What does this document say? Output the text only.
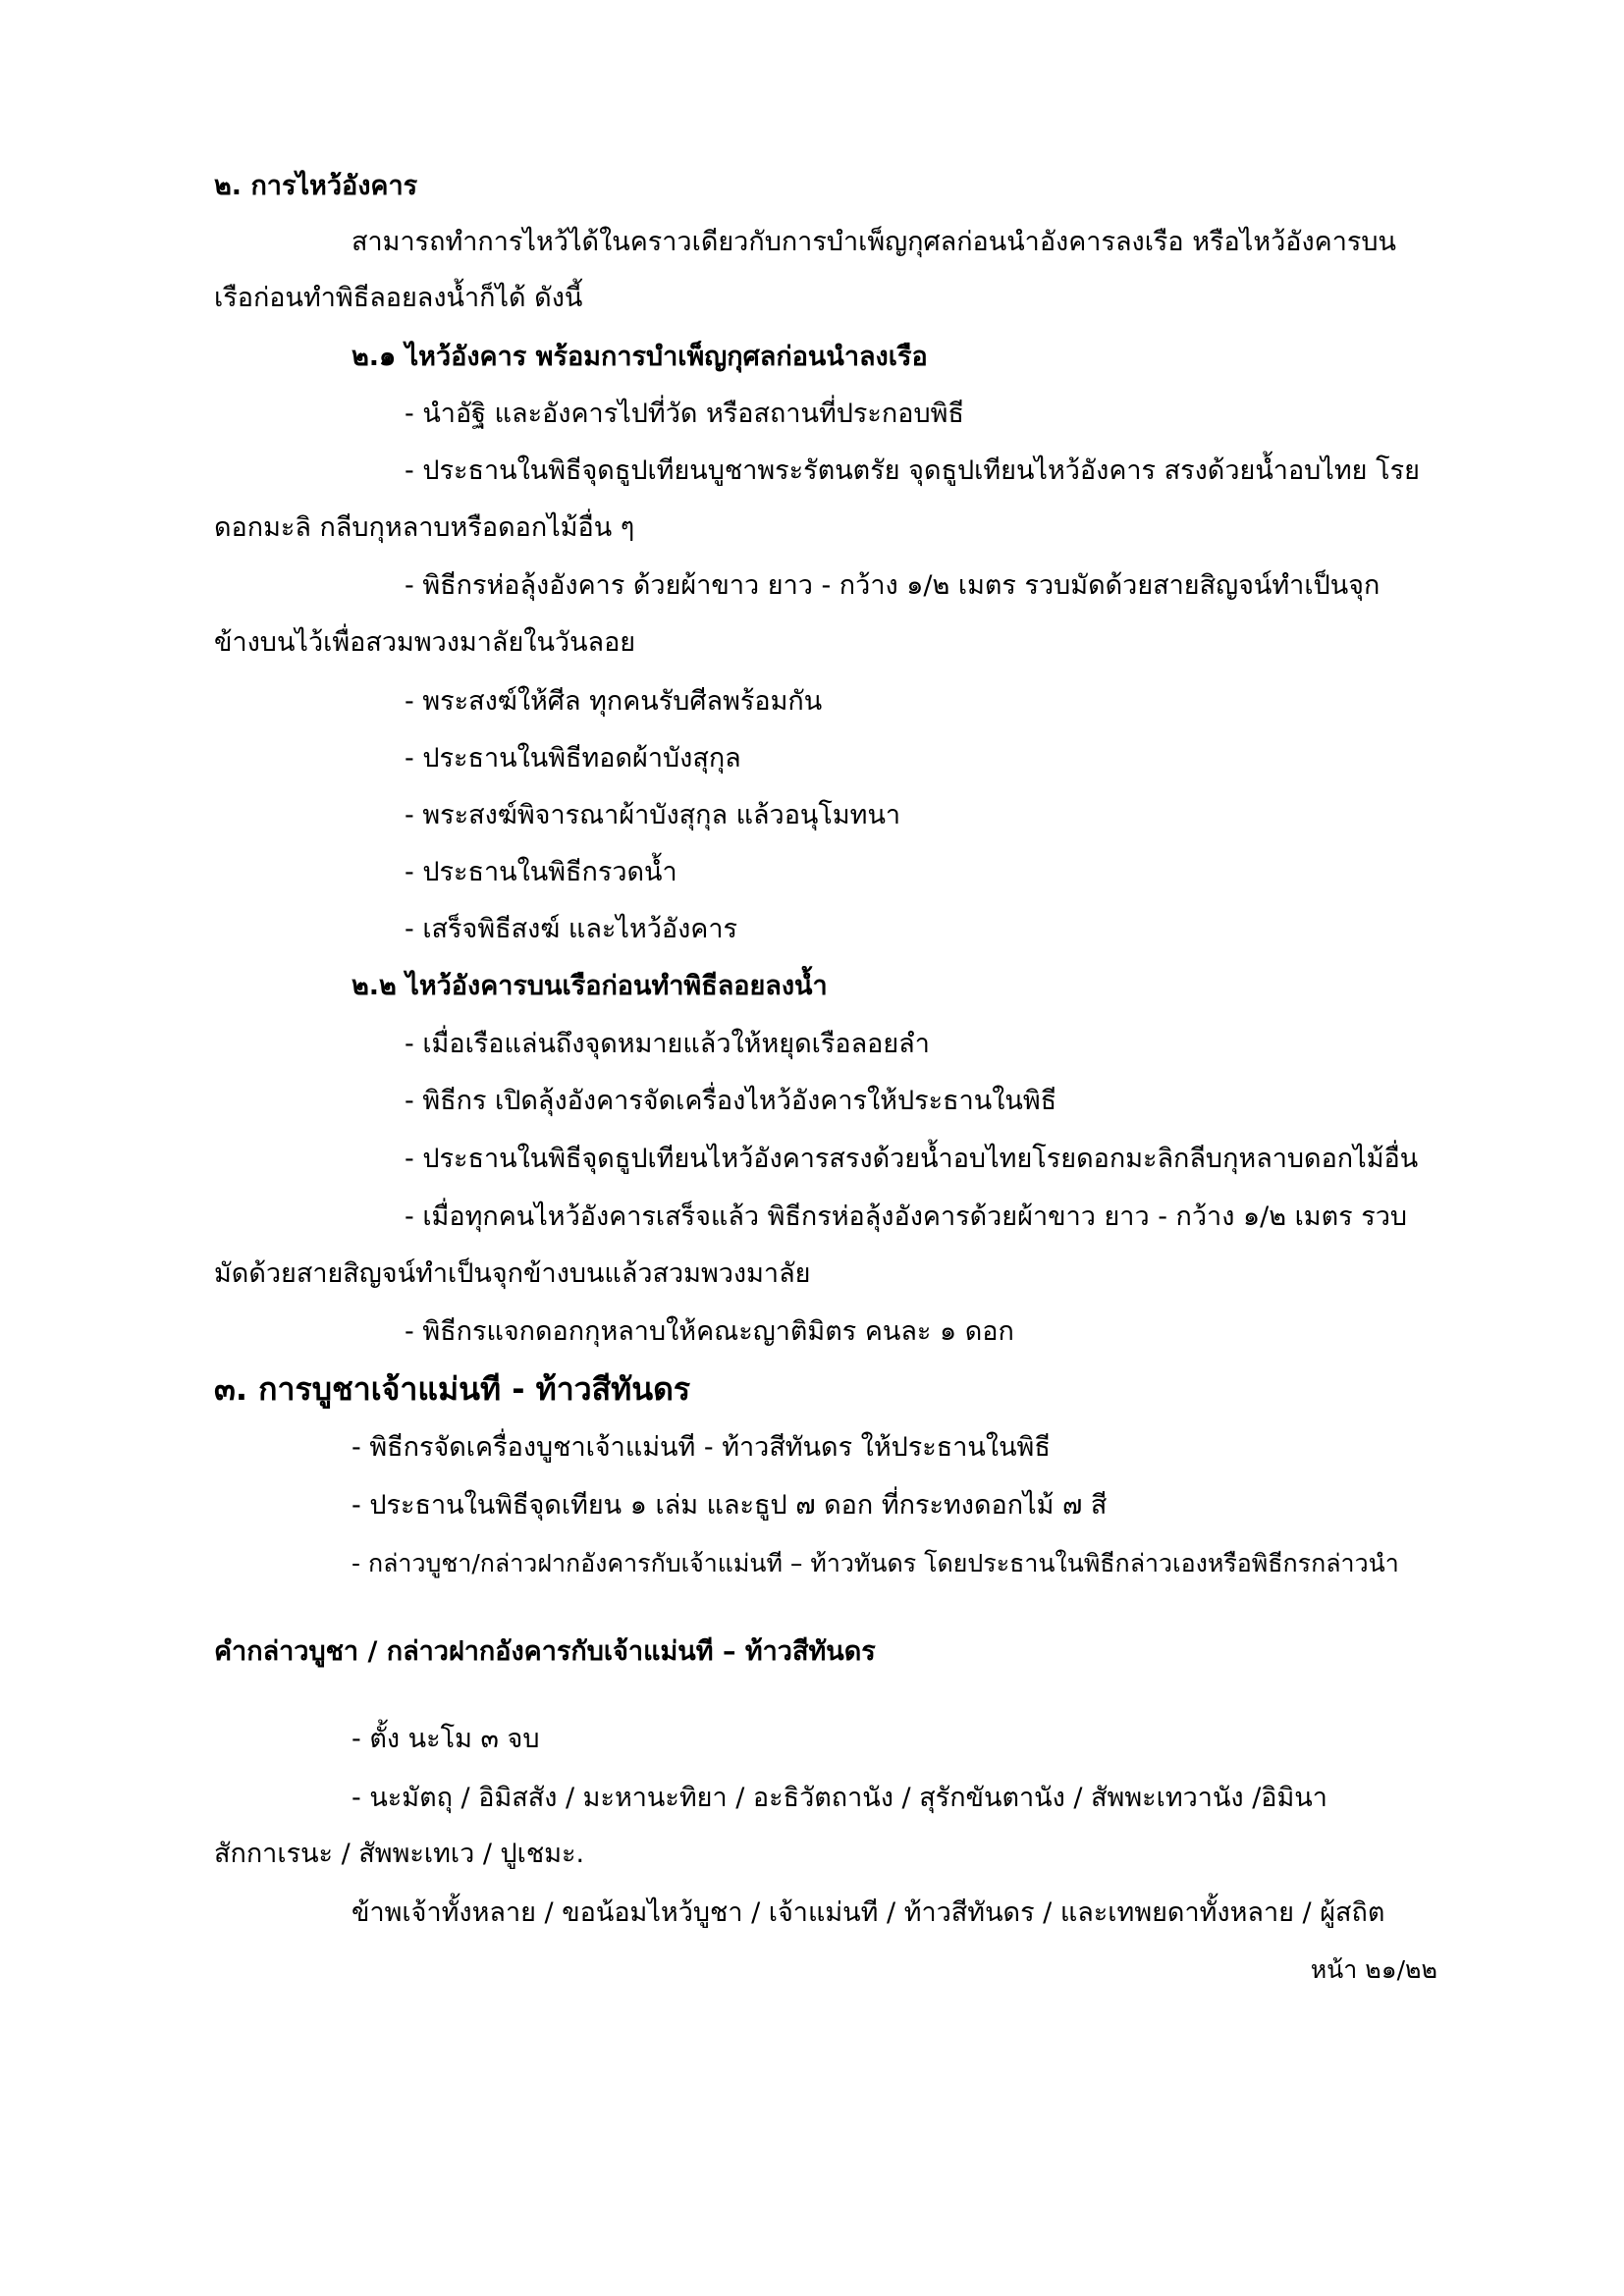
๒. การไหว้อังคาร

สามารถทำการไหว้ได้ในคราวเดียวกับการบำเพ็ญกุศลก่อนนำอังคารลงเรือ หรือไหว้อังคารบน

เรือก่อนทำพิธีลอยลงน้ำก็ได้ ดังนี้

๒.๑ ไหว้อังคาร พร้อมการบำเพ็ญกุศลก่อนนำลงเรือ

- นำอัฐิ และอังคารไปที่วัด หรือสถานที่ประกอบพิธี

- ประธานในพิธีจุดธูปเทียนบูชาพระรัตนตรัย จุดธูปเทียนไหว้อังคาร สรงด้วยน้ำอบไทย โรย

ดอกมะลิ กลีบกุหลาบหรือดอกไม้อื่น ๆ

- พิธีกรห่อลุ้งอังคาร ด้วยผ้าขาว ยาว - กว้าง ๑/๒ เมตร รวบมัดด้วยสายสิญจน์ทำเป็นจุก

ข้างบนไว้เพื่อสวมพวงมาลัยในวันลอย

- พระสงฆ์ให้ศีล ทุกคนรับศีลพร้อมกัน

- ประธานในพิธีทอดผ้าบังสุกุล

- พระสงฆ์พิจารณาผ้าบังสุกุล แล้วอนุโมทนา

- ประธานในพิธีกรวดน้ำ

- เสร็จพิธีสงฆ์ และไหว้อังคาร

๒.๒ ไหว้อังคารบนเรือก่อนทำพิธีลอยลงน้ำ

- เมื่อเรือแล่นถึงจุดหมายแล้วให้หยุดเรือลอยลำ

- พิธีกร เปิดลุ้งอังคารจัดเครื่องไหว้อังคารให้ประธานในพิธี

- ประธานในพิธีจุดธูปเทียนไหว้อังคารสรงด้วยน้ำอบไทยโรยดอกมะลิกลีบกุหลาบดอกไม้อื่น

- เมื่อทุกคนไหว้อังคารเสร็จแล้ว พิธีกรห่อลุ้งอังคารด้วยผ้าขาว ยาว - กว้าง ๑/๒ เมตร รวบ

มัดด้วยสายสิญจน์ทำเป็นจุกข้างบนแล้วสวมพวงมาลัย

- พิธีกรแจกดอกกุหลาบให้คณะญาติมิตร คนละ ๑ ดอก

๓. การบูชาเจ้าแม่นที - ท้าวสีทันดร

- พิธีกรจัดเครื่องบูชาเจ้าแม่นที - ท้าวสีทันดร ให้ประธานในพิธี

- ประธานในพิธีจุดเทียน ๑ เล่ม และธูป ๗ ดอก ที่กระทงดอกไม้ ๗ สี

- กล่าวบูชา/กล่าวฝากอังคารกับเจ้าแม่นที – ท้าวทันดร โดยประธานในพิธีกล่าวเองหรือพิธีกรกล่าวนำ

คำกล่าวบูชา / กล่าวฝากอังคารกับเจ้าแม่นที – ท้าวสีทันดร

- ตั้ง นะโม ๓ จบ

- นะมัตถุ / อิมิสสัง / มะหานะทิยา / อะธิวัตถานัง / สุรักขันตานัง / สัพพะเทวานัง /อิมินา

สักกาเรนะ / สัพพะเทเว / ปูเชมะ.

ข้าพเจ้าทั้งหลาย / ขอน้อมไหว้บูชา / เจ้าแม่นที / ท้าวสีทันดร / และเทพยดาทั้งหลาย / ผู้สถิต

หน้า ๒๑/๒๒
